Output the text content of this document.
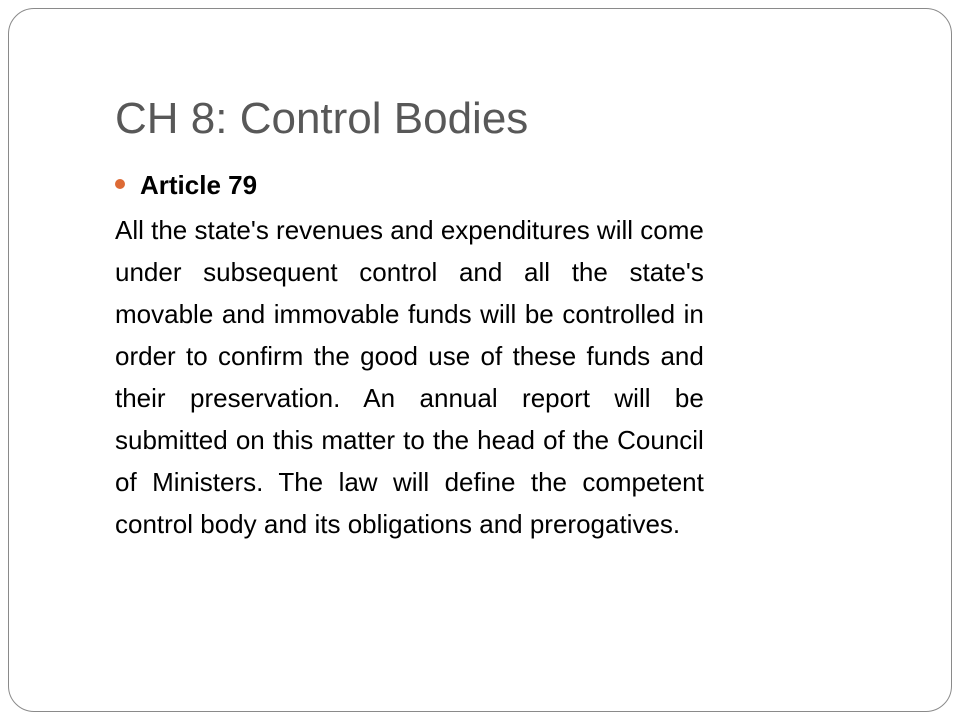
CH 8: Control Bodies
Article 79
All the state's revenues and expenditures will come
under subsequent control and all the state's
movable and immovable funds will be controlled in
order to confirm the good use of these funds and
their preservation. An annual report will be
submitted on this matter to the head of the Council
of Ministers. The law will define the competent
control body and its obligations and prerogatives.
